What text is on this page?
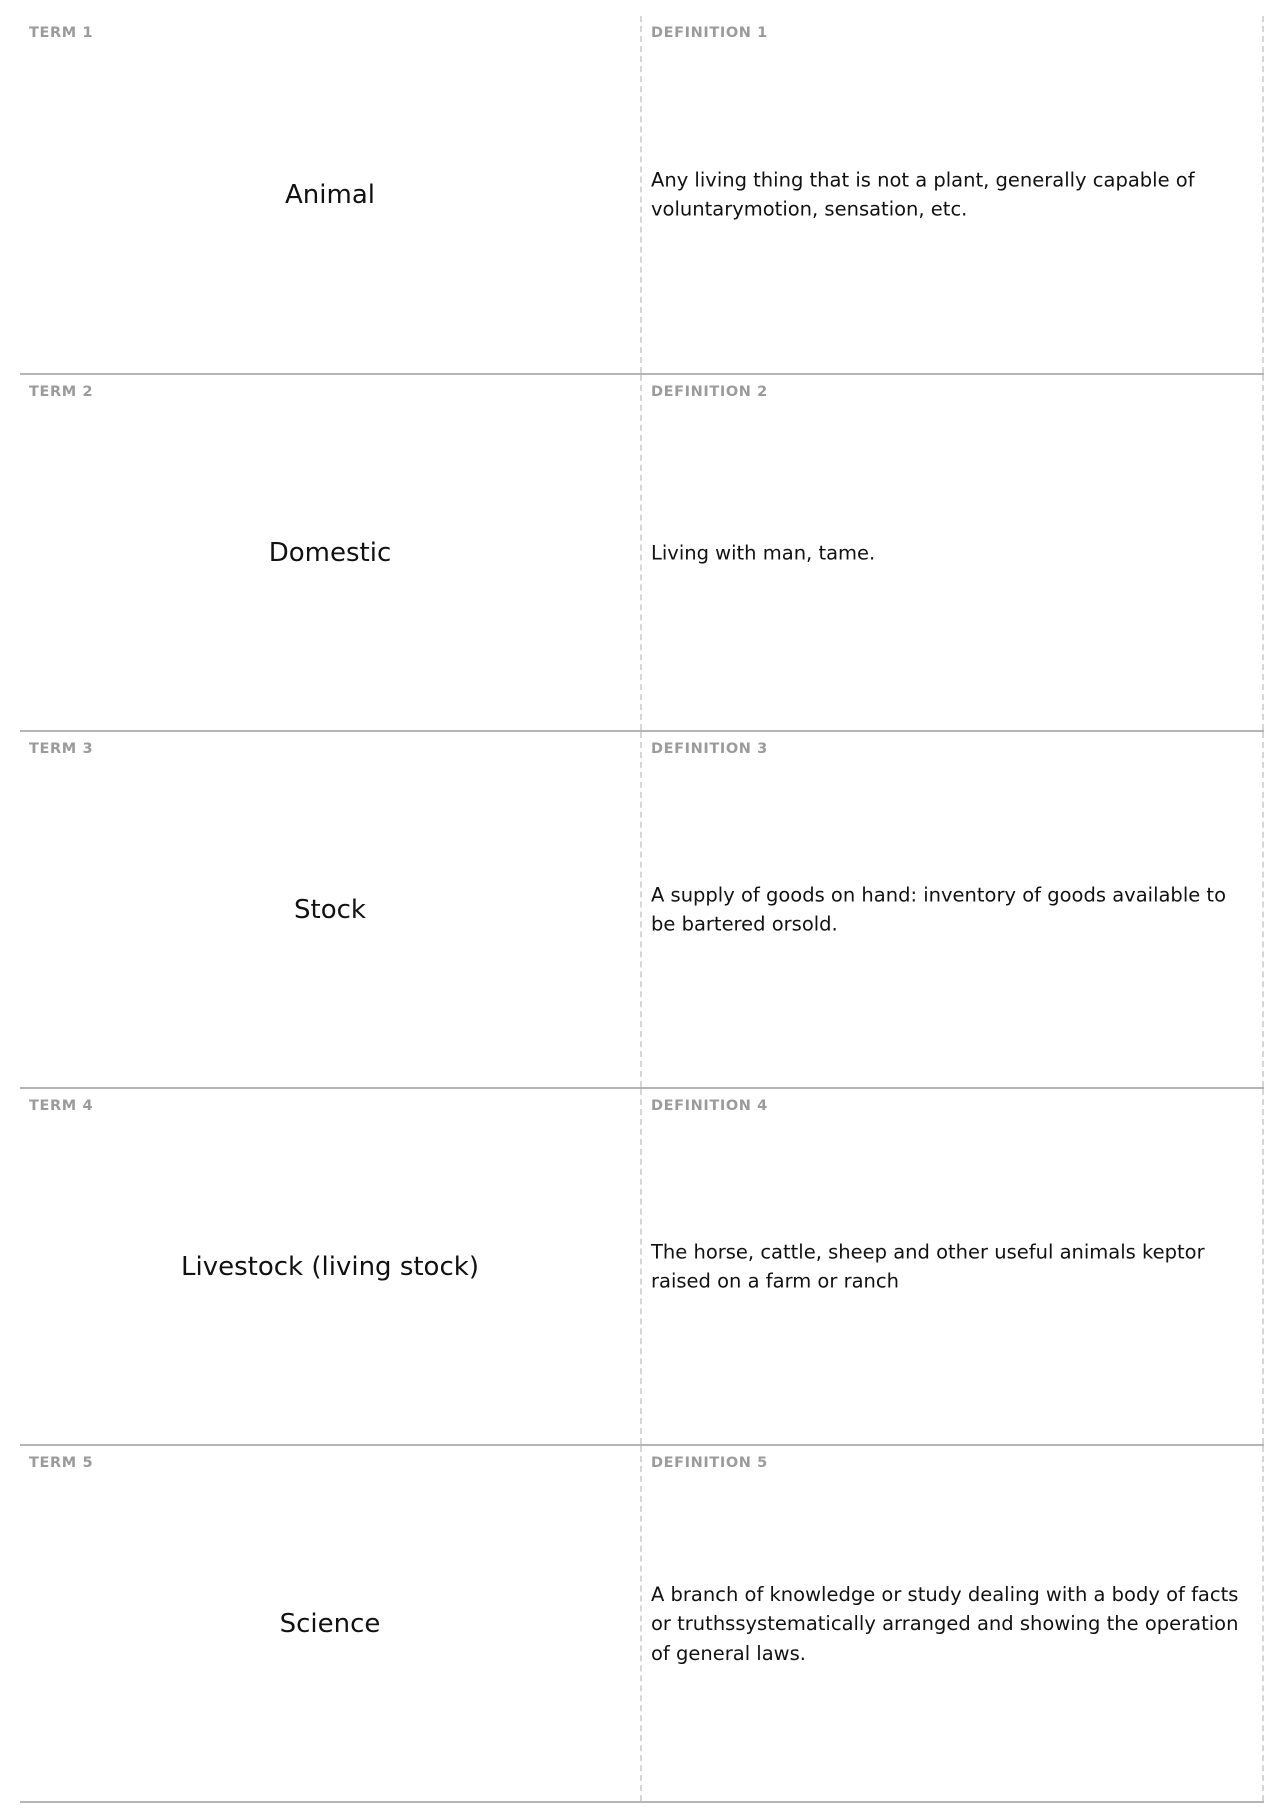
TERM 1
Animal
DEFINITION 1
Any living thing that is not a plant, generally capable of voluntarymotion, sensation, etc.
TERM 2
Domestic
DEFINITION 2
Living with man, tame.
TERM 3
Stock
DEFINITION 3
A supply of goods on hand: inventory of goods available to be bartered orsold.
TERM 4
Livestock (living stock)
DEFINITION 4
The horse, cattle, sheep and other useful animals keptor raised on a farm or ranch
TERM 5
Science
DEFINITION 5
A branch of knowledge or study dealing with a body of facts or truthssystematically arranged and showing the operation of general laws.
